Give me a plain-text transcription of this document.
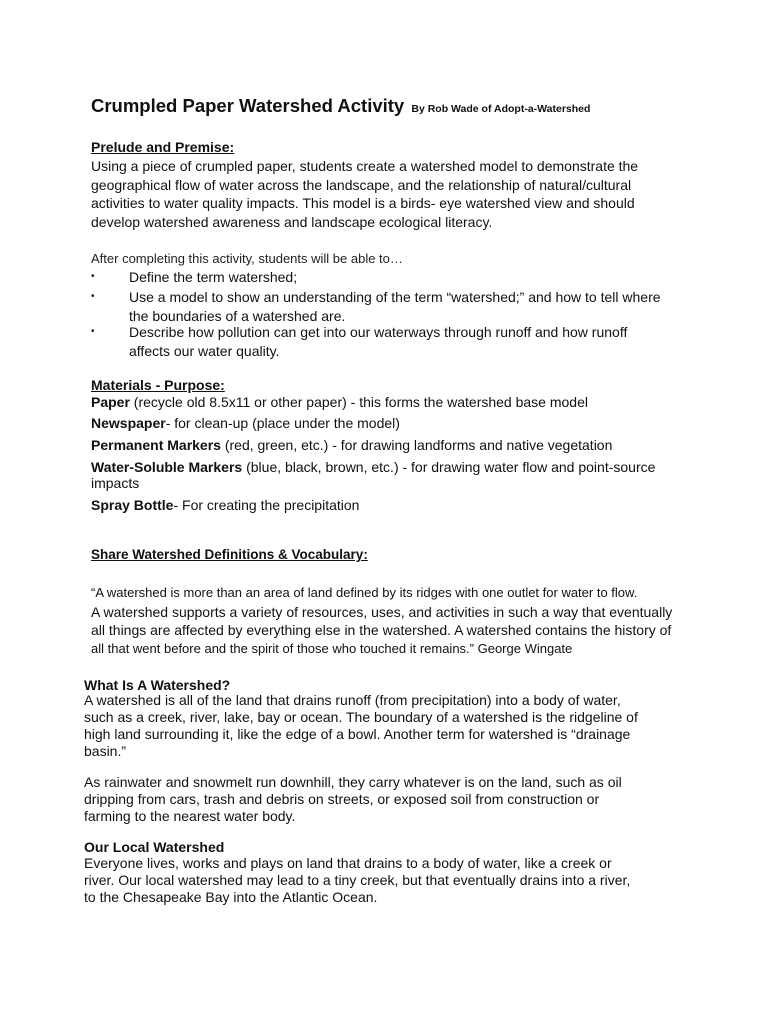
Crumpled Paper Watershed Activity By Rob Wade of Adopt-a-Watershed
Prelude and Premise:
Using a piece of crumpled paper, students create a watershed model to demonstrate the
geographical flow of water across the landscape, and the relationship of natural/cultural
activities to water quality impacts. This model is a birds- eye watershed view and should
develop watershed awareness and landscape ecological literacy.
After completing this activity, students will be able to…
• Define the term watershed;
• Use a model to show an understanding of the term “watershed;” and how to tell where
the boundaries of a watershed are.
• Describe how pollution can get into our waterways through runoff and how runoff
affects our water quality.
Materials - Purpose:
Paper (recycle old 8.5x11 or other paper) - this forms the watershed base model
Newspaper- for clean-up (place under the model)
Permanent Markers (red, green, etc.) - for drawing landforms and native vegetation
Water-Soluble Markers (blue, black, brown, etc.) - for drawing water flow and point-source impacts
Spray Bottle- For creating the precipitation
Share Watershed Definitions & Vocabulary:
“A watershed is more than an area of land defined by its ridges with one outlet for water to flow.
A watershed supports a variety of resources, uses, and activities in such a way that eventually
all things are affected by everything else in the watershed. A watershed contains the history of
all that went before and the spirit of those who touched it remains.” George Wingate
What Is A Watershed?
A watershed is all of the land that drains runoff (from precipitation) into a body of water,
such as a creek, river, lake, bay or ocean. The boundary of a watershed is the ridgeline of
high land surrounding it, like the edge of a bowl. Another term for watershed is “drainage
basin.”
As rainwater and snowmelt run downhill, they carry whatever is on the land, such as oil
dripping from cars, trash and debris on streets, or exposed soil from construction or
farming to the nearest water body.
Our Local Watershed
Everyone lives, works and plays on land that drains to a body of water, like a creek or
river. Our local watershed may lead to a tiny creek, but that eventually drains into a river,
to the Chesapeake Bay into the Atlantic Ocean.
